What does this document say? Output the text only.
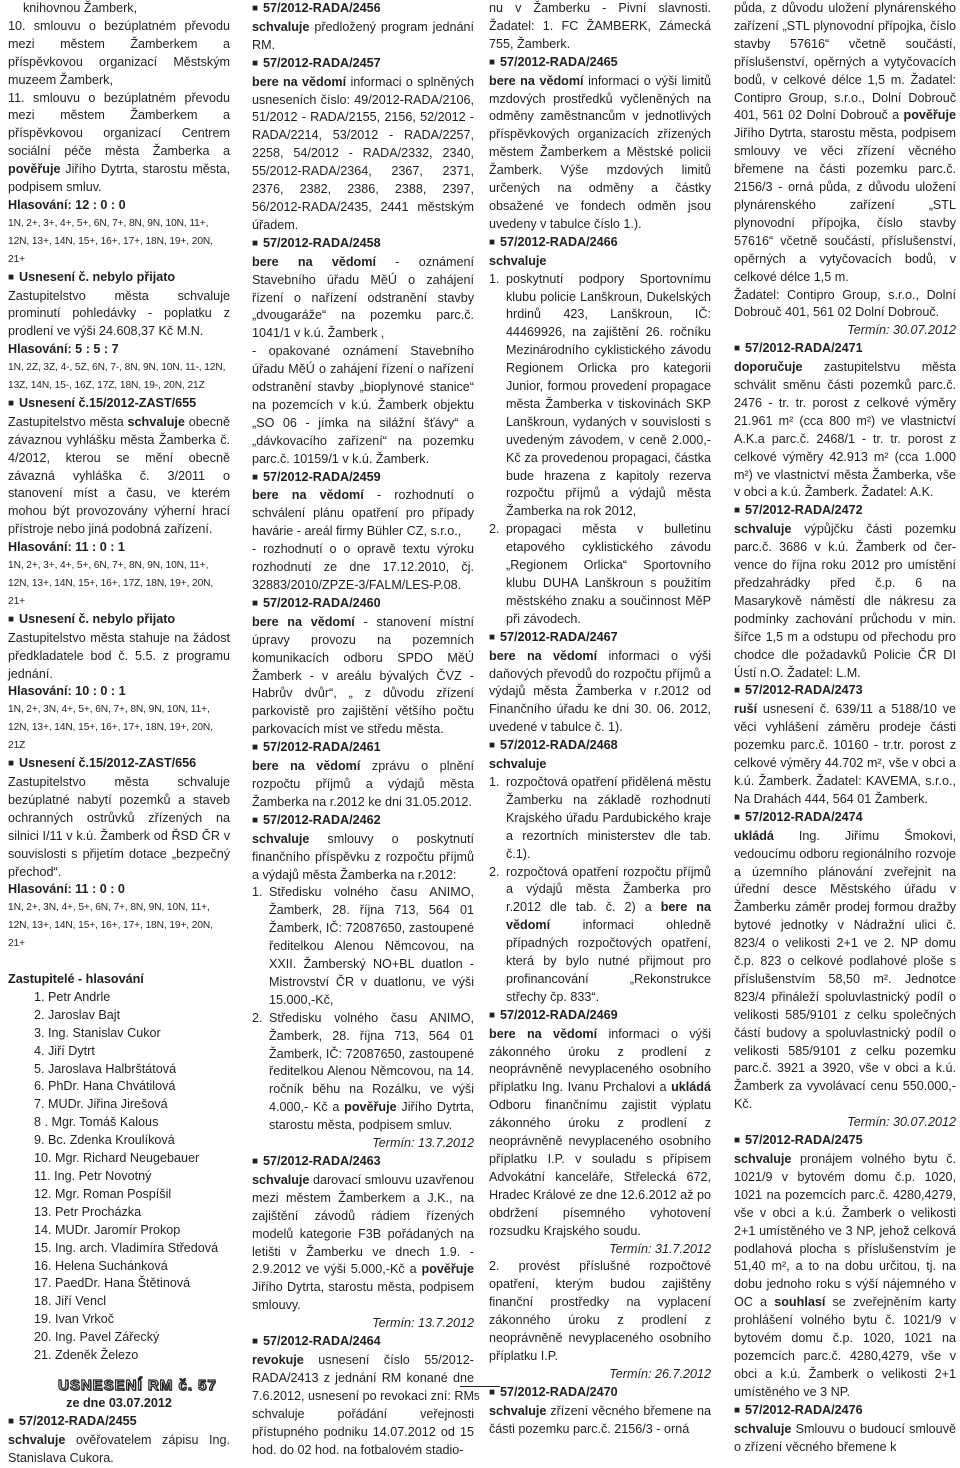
knihovnou Žamberk,

10. smlouvu o bezúplatném převodu mezi městem Žamberkem a příspěvkovou organizací Městským muzeem Žamberk,
11. smlouvu o bezúplatném převodu mezi městem Žamberkem a příspěvkovou organizací Centrem sociální péče města Žamberka a pověřuje Jiřího Dytrta, starostu města, podpisem smluv.

Hlasování: 12 : 0 : 0

1N, 2+, 3+, 4+, 5+, 6N, 7+, 8N, 9N, 10N, 11+, 12N, 13+, 14N, 15+, 16+, 17+, 18N, 19+, 20N, 21+

■ Usnesení č. nebylo přijato

Zastupitelstvo města schvaluje prominutí pohledávky - poplatku z prodlení ve výši 24.608,37 Kč M.N.

Hlasování: 5 : 5 : 7

1N, 2Z, 3Z, 4-, 5Z, 6N, 7-, 8N, 9N, 10N, 11-, 12N, 13Z, 14N, 15-, 16Z, 17Z, 18N, 19-, 20N, 21Z

■ Usnesení č.15/2012-ZAST/655

Zastupitelstvo města schvaluje obecně závaznou vyhlášku města Žamberka č. 4/2012, kterou se mění obecně závazná vyhláška č. 3/2011 o stanovení míst a času, ve kterém mohou být provozovány výherní hrací přístroje nebo jiná podobná zařízení.

Hlasování: 11 : 0 : 1

1N, 2+, 3+, 4+, 5+, 6N, 7+, 8N, 9N, 10N, 11+, 12N, 13+, 14N, 15+, 16+, 17Z, 18N, 19+, 20N, 21+

■ Usnesení č. nebylo přijato

Zastupitelstvo města stahuje na žádost předkladatele bod č. 5.5. z programu jednání.

Hlasování: 10 : 0 : 1

1N, 2+, 3N, 4+, 5+, 6N, 7+, 8N, 9N, 10N, 11+, 12N, 13+, 14N, 15+, 16+, 17+, 18N, 19+, 20N, 21Z

■ Usnesení č.15/2012-ZAST/656

Zastupitelstvo města schvaluje bezúplatné nabytí pozemků a staveb ochranných ostrůvků zřízených na silnici I/11 v k.ú. Žamberk od ŘSD ČR v souvislosti s přijetím dotace „bezpečný přechod“.

Hlasování: 11 : 0 : 0

1N, 2+, 3N, 4+, 5+, 6N, 7+, 8N, 9N, 10N, 11+, 12N, 13+, 14N, 15+, 16+, 17+, 18N, 19+, 20N, 21+

Zastupitelé - hlasování

1. Petr Andrle
2. Jaroslav Bajt
3. Ing. Stanislav Cukor
4. Jiří Dytrt
5. Jaroslava Halbrštátová
6. PhDr. Hana Chvátilová
7. MUDr. Jiřina Jirešová
8 . Mgr. Tomáš Kalous
9. Bc. Zdenka Kroulíková
10. Mgr. Richard Neugebauer
11. Ing. Petr Novotný
12. Mgr. Roman Pospíšil
13. Petr Procházka
14. MUDr. Jaromír Prokop
15. Ing. arch. Vladimíra Středová
16. Helena Suchánková
17. PaedDr. Hana Štětinová
18. Jiří Vencl
19. Ivan Vrkoč
20. Ing. Pavel Zářecký
21. Zdeněk Železo
USNESENÍ RM č. 57

ze dne 03.07.2012

■ 57/2012-RADA/2455

schvaluje ověřovatelem zápisu Ing. Stanislava Cukora.

■ 57/2012-RADA/2456

schvaluje předložený program jednání RM.

■ 57/2012-RADA/2457

bere na vědomí informaci o splněných usneseních číslo: 49/2012-RADA/2106, 51/2012 - RADA/2155, 2156, 52/2012 - RADA/2214, 53/2012 - RADA/2257, 2258, 54/2012 - RADA/2332, 2340, 55/2012-RADA/2364, 2367, 2371, 2376, 2382, 2386, 2388, 2397, 56/2012-RADA/2435, 2441 městským úřadem.

■ 57/2012-RADA/2458

bere na vědomí - oznámení Stavebního úřadu MěÚ o zahájení řízení o nařízení odstranění stavby „dvougaráže“ na pozemku parc.č. 1041/1 v k.ú. Žamberk ,

- opakované oznámení Stavebního úřadu MěÚ o zahájení řízení o nařízení odstranění stavby „bioplynové stanice“ na pozemcích v k.ú. Žamberk objektu „SO 06 - jímka na silážní šťávy“ a „dávkovacího zařízení“ na pozemku parc.č. 10159/1 v k.ú. Žamberk.

■ 57/2012-RADA/2459

bere na vědomí - rozhodnutí o schválení plánu opatření pro případy havárie - areál firmy Bühler CZ, s.r.o.,

- rozhodnutí o o opravě textu výroku rozhodnutí ze dne 17.12.2010, čj. 32883/2010/ZPZE-3/FALM/LES-P.08.

■ 57/2012-RADA/2460

bere na vědomí - stanovení místní úpravy provozu na pozemních komunikacích odboru SPDO MěÚ Žamberk - v areálu bývalých ČVZ - Habrův dvůr“, „ z důvodu zřízení parkovistě pro zajištění většího počtu parkovacích míst ve středu města.

■ 57/2012-RADA/2461

bere na vědomí zprávu o plnění rozpočtu příjmů a výdajů města Žamberka na r.2012 ke dni 31.05.2012.

■ 57/2012-RADA/2462

schvaluje smlouvy o poskytnutí finančního příspěvku z rozpočtu příjmů a výdajů města Žamberka na r.2012:

1. Středisku volného času ANIMO, Žamberk, 28. října 713, 564 01 Žamberk, IČ: 72087650, zastoupené ředitelkou Alenou Němcovou, na XXII. Žamberský NO+BL duatlon - Mistrovství ČR v duatlonu, ve výši 15.000,-Kč,
2. Středisku volného času ANIMO, Žamberk, 28. října 713, 564 01 Žamberk, IČ: 72087650, zastoupené ředitelkou Alenou Němcovou, na 14. ročník běhu na Rozálku, ve výši 4.000,- Kč a pověřuje Jiřího Dytrta, starostu města, podpisem smluv.

Termín: 13.7.2012

■ 57/2012-RADA/2463

schvaluje darovací smlouvu uzavřenou mezi městem Žamberkem a J.K., na zajištění závodů rádiem řízených modelů kategorie F3B pořádaných na letišti v Žamberku ve dnech 1.9. - 2.9.2012 ve výši 5.000,-Kč a pověřuje Jiřího Dytrta, starostu města, podpisem smlouvy.

Termín: 13.7.2012

■ 57/2012-RADA/2464

revokuje usnesení číslo 55/2012-RADA/2413 z jednání RM konané dne 7.6.2012, usnesení po revokaci zní: RM schvaluje pořádání veřejnosti přístupného podniku 14.07.2012 od 15 hod. do 02 hod. na fotbalovém stadio-

nu v Žamberku - Pivní slavnosti. Žadatel: 1. FC ŽAMBERK, Zámecká 755, Žamberk.

■ 57/2012-RADA/2465

bere na vědomí informaci o výši limitů mzdových prostředků vyčleněných na odměny zaměstnancům v jednotlivých příspěvkových organizacích zřízených městem Žamberkem a Městské policii Žamberk. Výše mzdových limitů určených na odměny a částky obsažené ve fondech odměn jsou uvedeny v tabulce číslo 1.).

■ 57/2012-RADA/2466

schvaluje

1. poskytnutí podpory Sportovnímu klubu policie Lanškroun, Dukelských hrdinů 423, Lanškroun, IČ: 44469926, na zajištění 26. ročníku Mezinárodního cyklistického závodu Regionem Orlicka pro kategorii Junior, formou provedení propagace města Žamberka v tiskovinách SKP Lanškroun, vydaných v souvislosti s uvedeným závodem, v ceně 2.000,- Kč za provedenou propagaci, částka bude hrazena z kapitoly rezerva rozpočtu příjmů a výdajů města Žamberka na rok 2012,
2. propagaci města v bulletinu etapového cyklistického závodu „Regionem Orlicka“ Sportovního klubu DUHA Lanškroun s použitím městského znaku a součinnost MěP při závodech.

■ 57/2012-RADA/2467

bere na vědomí informaci o výši daňových převodů do rozpočtu příjmů a výdajů města Žamberka v r.2012 od Finančního úřadu ke dni 30. 06. 2012, uvedené v tabulce č. 1).

■ 57/2012-RADA/2468

schvaluje

1. rozpočtová opatření přidělená městu Žamberku na základě rozhodnutí Krajského úřadu Pardubického kraje a rezortních ministerstev dle tab. č.1).
2. rozpočtová opatření rozpočtu příjmů a výdajů města Žamberka pro r.2012 dle tab. č. 2) a bere na vědomí	informaci ohledně případných rozpočtových opatření, která by bylo nutné přijmout pro profinancování „Rekonstrukce střechy čp. 833“.

■ 57/2012-RADA/2469

bere na vědomí informaci o výši zákonného úroku z prodlení z neoprávněně nevyplaceného osobního příplatku Ing. Ivanu Prchalovi a ukládá Odboru finančnímu zajistit výplatu zákonného úroku z prodlení z neoprávněně nevyplaceného osobního příplatku I.P. v souladu s přípisem Advokátní kanceláře, Střelecká 672, Hradec Králové ze dne 12.6.2012 až po obdržení písemného vyhotovení rozsudku Krajského soudu.

Termín: 31.7.2012

2. provést příslušné rozpočtové opatření, kterým budou zajištěny finanční prostředky na vyplacení zákonného úroku z prodlení z neoprávněně nevyplaceného osobního příplatku I.P.

Termín: 26.7.2012

■ 57/2012-RADA/2470

schvaluje zřízení věcného břemene na části pozemku parc.č. 2156/3 - orná

půda, z důvodu uložení plynárenského zařízení „STL plynovodní přípojka, číslo stavby 57616“ včetně součástí, příslušenství, opěrných a vytyčovacích bodů, v celkové délce 1,5 m. Žadatel: Contipro Group, s.r.o., Dolní Dobrouč 401, 561 02 Dolní Dobrouč a pověřuje Jiřího Dytrta, starostu města, podpisem smlouvy ve věci zřízení věcného břemene na části pozemku parc.č. 2156/3 - orná půda, z důvodu uložení plynárenského zařízení „STL plynovodní přípojka, číslo stavby 57616“ včetně součástí, příslušenství, opěrných a vytyčovacích bodů, v celkové délce 1,5 m.

Žadatel: Contipro Group, s.r.o., Dolní Dobrouč 401, 561 02 Dolní Dobrouč.

Termín: 30.07.2012

■ 57/2012-RADA/2471

doporučuje zastupitelstvu města schválit směnu části pozemků parc.č. 2476 - tr. tr. porost z celkové výměry 21.961 m² (cca 800 m²) ve vlastnictví A.K.a parc.č. 2468/1 - tr. tr. porost z celkové výměry 42.913 m² (cca 1.000 m²) ve vlastnictví města Žamberka, vše v obci a k.ú. Žamberk. Žadatel: A.K.

■ 57/2012-RADA/2472

schvaluje výpůjčku části pozemku parc.č. 3686 v k.ú. Žamberk od čer-vence do října roku 2012 pro umístění předzahrádky před č.p. 6 na Masarykově náměstí dle nákresu za podmínky zachování průchodu v min. šířce 1,5 m a odstupu od přechodu pro chodce dle požadavků Policie ČR DI Ústí n.O. Žadatel: L.M.

■ 57/2012-RADA/2473

ruší usnesení č. 639/11 a 5188/10 ve věci vyhlášení záměru prodeje části pozemku parc.č. 10160 - tr.tr. porost z celkové výměry 44.702 m², vše v obci a k.ú. Žamberk. Žadatel: KAVEMA, s.r.o., Na Drahách 444, 564 01 Žamberk.

■ 57/2012-RADA/2474

ukládá Ing. Jiřímu Šmokovi, vedoucímu odboru regionálního rozvoje a územního plánování zveřejnit na úřední desce Městského úřadu v Žamberku záměr prodej formou dražby bytové jednotky v Nádražní ulici č. 823/4 o velikosti 2+1 ve 2. NP domu č.p. 823 o celkové podlahové ploše s příslušenstvím 58,50 m². Jednotce 823/4 přináleží spoluvlastnický podíl o velikosti 585/9101 z celku společných částí budovy a spoluvlastnický podíl o velikosti 585/9101 z celku pozemku parc.č. 3921 a 3920, vše v obci a k.ú. Žamberk za vyvolávací cenu 550.000,- Kč.

Termín: 30.07.2012

■ 57/2012-RADA/2475

schvaluje pronájem volného bytu č. 1021/9 v bytovém domu č.p. 1020, 1021 na pozemcích parc.č. 4280,4279, vše v obci a k.ú. Žamberk o velikosti 2+1 umístěného ve 3 NP, jehož celková podlahová plocha s příslušenstvím je 51,40 m², a to na dobu určitou, tj. na dobu jednoho roku s výší nájemného v OC a souhlasí se zveřejněním karty prohlášení volného bytu č. 1021/9 v bytovém domu č.p. 1020, 1021 na pozemcích parc.č. 4280,4279, vše v obci a k.ú. Žamberk o velikosti 2+1 umístěného ve 3 NP.

■ 57/2012-RADA/2476

schvaluje Smlouvu o budoucí smlouvě o zřízení věcného břemene k

5
